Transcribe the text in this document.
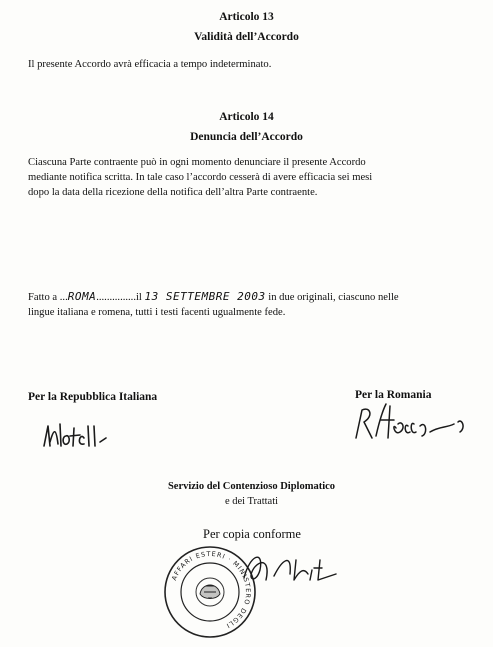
Articolo 13
Validità dell’Accordo
Il presente Accordo avrà efficacia a tempo indeterminato.
Articolo 14
Denuncia dell’Accordo
Ciascuna Parte contraente può in ogni momento denunciare il presente Accordo
mediante notifica scritta. In tale caso l’accordo cesserà di avere efficacia sei mesi
dopo la data della ricezione della notifica dell’altra Parte contraente.
Fatto a ...ROMA...............il 13 SETTEMBRE 2003 in due originali, ciascuno nelle
lingue italiana e romena, tutti i testi facenti ugualmente fede.
Per la Repubblica Italiana	Per la Romania
Servizio del Contenzioso Diplomatico
e dei Trattati
Per copia conforme
AFFARI ESTERI · MINISTERO DEGLI
